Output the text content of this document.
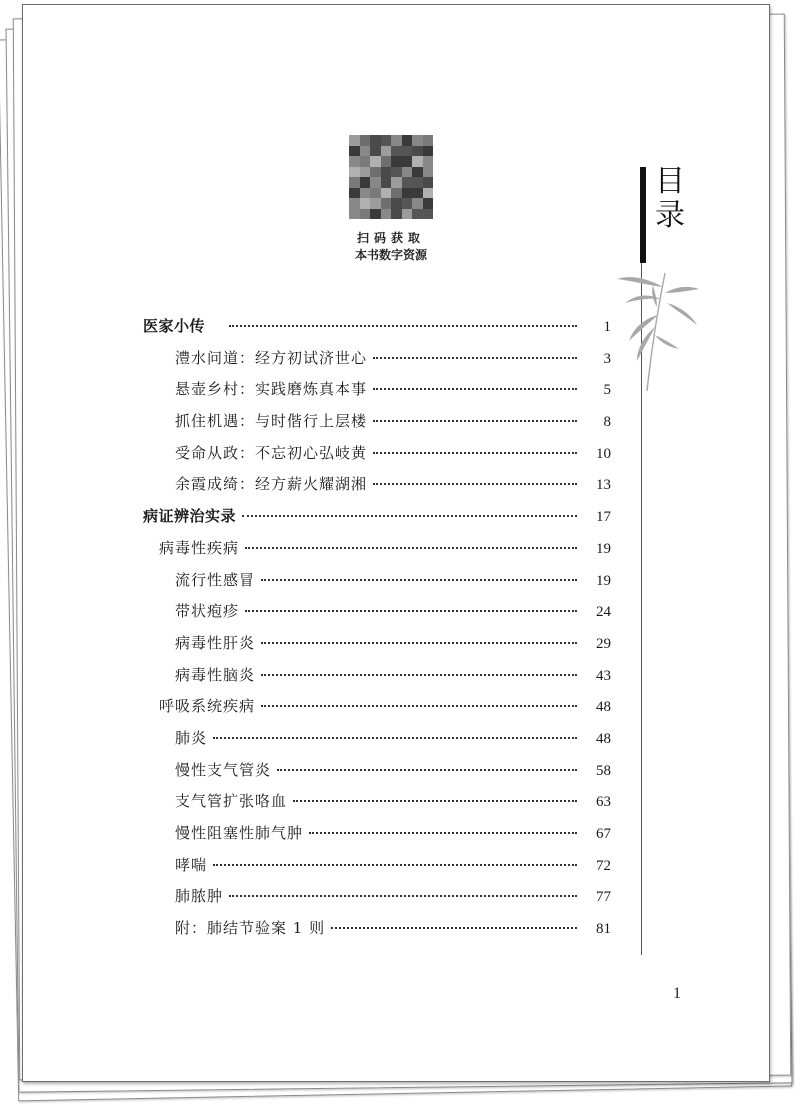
扫码获取
本书数字资源
目
录
医家小传	1
澧水问道：经方初试济世心	3
悬壶乡村：实践磨炼真本事	5
抓住机遇：与时偕行上层楼	8
受命从政：不忘初心弘岐黄	10
余霞成绮：经方薪火耀湖湘	13
病证辨治实录	17
病毒性疾病	19
流行性感冒	19
带状疱疹	24
病毒性肝炎	29
病毒性脑炎	43
呼吸系统疾病	48
肺炎	48
慢性支气管炎	58
支气管扩张咯血	63
慢性阻塞性肺气肿	67
哮喘	72
肺脓肿	77
附：肺结节验案 1 则	81
1
